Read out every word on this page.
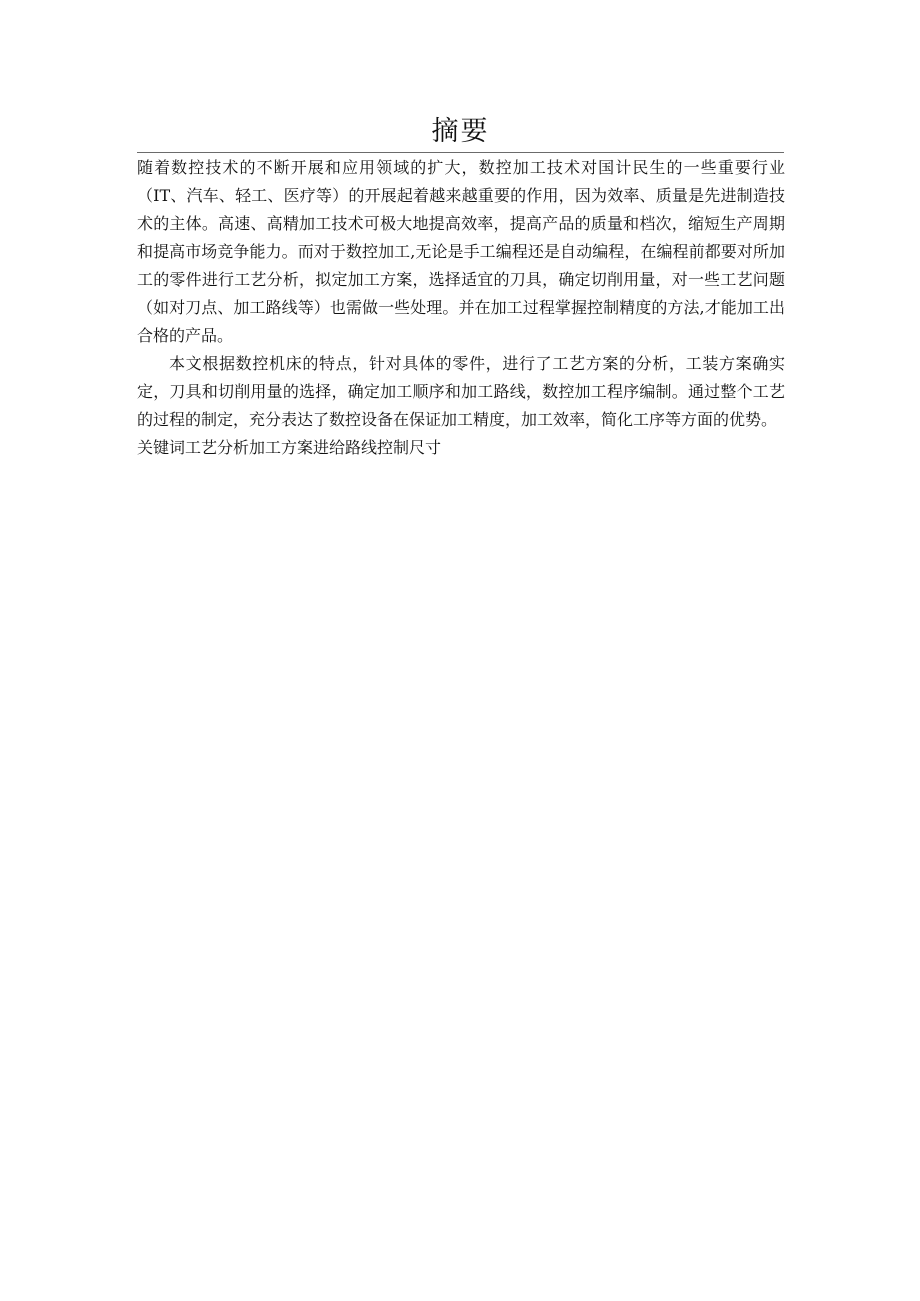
摘要

随着数控技术的不断开展和应用领域的扩大，数控加工技术对国计民生的一些重要行业（IT、汽车、轻工、医疗等）的开展起着越来越重要的作用，因为效率、质量是先进制造技术的主体。高速、高精加工技术可极大地提高效率，提高产品的质量和档次，缩短生产周期和提高市场竞争能力。而对于数控加工,无论是手工编程还是自动编程，在编程前都要对所加工的零件进行工艺分析，拟定加工方案，选择适宜的刀具，确定切削用量，对一些工艺问题（如对刀点、加工路线等）也需做一些处理。并在加工过程掌握控制精度的方法,才能加工出合格的产品。

本文根据数控机床的特点，针对具体的零件，进行了工艺方案的分析，工装方案确实定，刀具和切削用量的选择，确定加工顺序和加工路线，数控加工程序编制。通过整个工艺的过程的制定，充分表达了数控设备在保证加工精度，加工效率，简化工序等方面的优势。

关键词工艺分析加工方案进给路线控制尺寸
